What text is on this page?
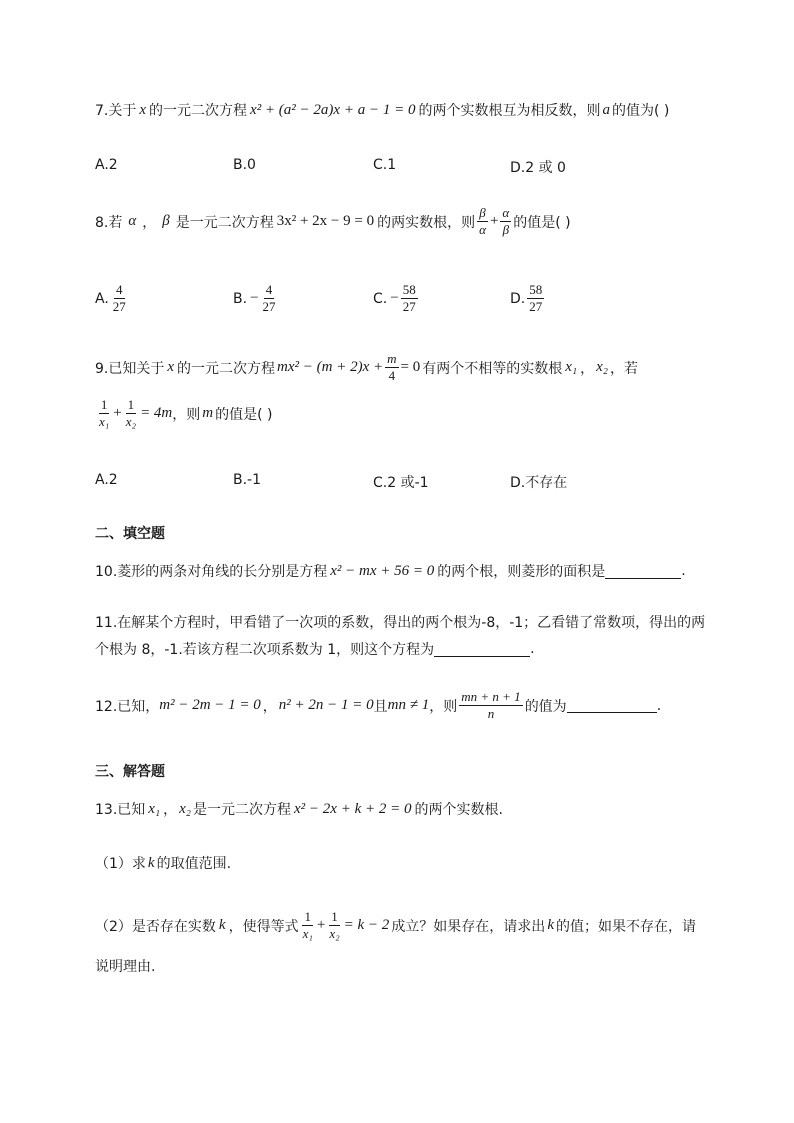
7.关于 x 的一元二次方程 x² + (a² − 2a)x + a − 1 = 0 的两个实数根互为相反数，则 a 的值为( )
A.2	B.0	C.1	D.2 或 0
8.若 α ， β 是一元二次方程 3x² + 2x − 9 = 0 的两实数根，则 $\frac{\beta}{\alpha} + \frac{\alpha}{\beta}$ 的值是( )
A. $\frac{4}{27}$	B. − $\frac{4}{27}$	C. − $\frac{58}{27}$	D. $\frac{58}{27}$
9.已知关于 x 的一元二次方程 $mx^2 - (m + 2)x + \frac{m}{4} = 0$ 有两个不相等的实数根 x₁ ， x₂ ，若
$\frac{1}{\text{x₁}} + \frac{1}{\text{x₂}} = 4m$ ，则 m 的值是( )
A.2	B.-1	C.2 或-1	D.不存在
二、填空题
10.菱形的两条对角线的长分别是方程 x² − mx + 56 = 0 的两个根，则菱形的面积是	.
11.在解某个方程时，甲看错了一次项的系数，得出的两个根为-8，-1；乙看错了常数项，得出的两
个根为 8，-1.若该方程二次项系数为 1，则这个方程为	.
12.已知， m² − 2m − 1 = 0 ， n² + 2n − 1 = 0 且 mn ≠ 1 ，则 $\frac{mn + n + 1}{n}$ 的值为	.
三、解答题
13.已知 x₁ ， x₂ 是一元二次方程 x² − 2x + k + 2 = 0 的两个实数根.
（1）求 k 的取值范围.
（2）是否存在实数 k ，使得等式 $\frac{1}{\text{x₁}} + \frac{1}{\text{x₂}} = k - 2$ 成立？如果存在，请求出 k 的值；如果不存在，请
说明理由.
